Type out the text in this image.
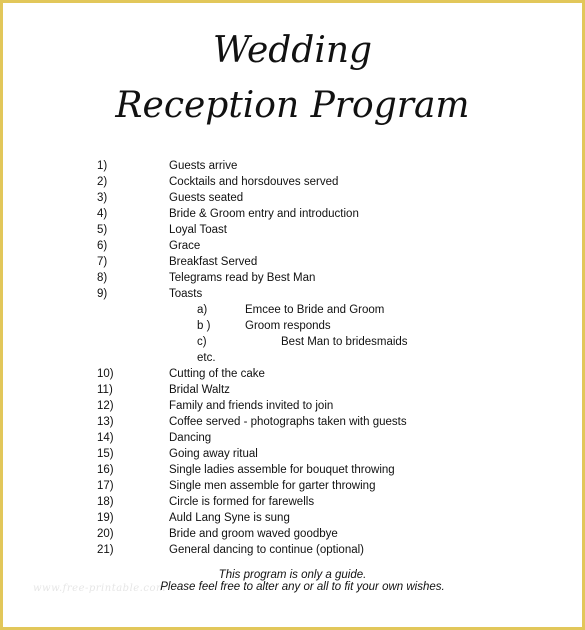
Wedding
Reception Program
1)	Guests arrive
2)	Cocktails and horsdouves served
3)	Guests seated
4)	Bride & Groom entry and introduction
5)	Loyal Toast
6)	Grace
7)	Breakfast Served
8)	Telegrams read by Best Man
9)	Toasts
a)	Emcee to Bride and Groom
b )	Groom responds
c)	Best Man to bridesmaids
etc.
10)	Cutting of the cake
11)	Bridal Waltz
12)	Family and friends invited to join
13)	Coffee served - photographs taken with guests
14)	Dancing
15)	Going away ritual
16)	Single ladies assemble for bouquet throwing
17)	Single men assemble for garter throwing
18)	Circle is formed for farewells
19)	Auld Lang Syne is sung
20)	Bride and groom waved goodbye
21)	General dancing to continue (optional)
www.free-printable.com
This program is only a guide.
Please feel free to alter any or all to fit your own wishes.
